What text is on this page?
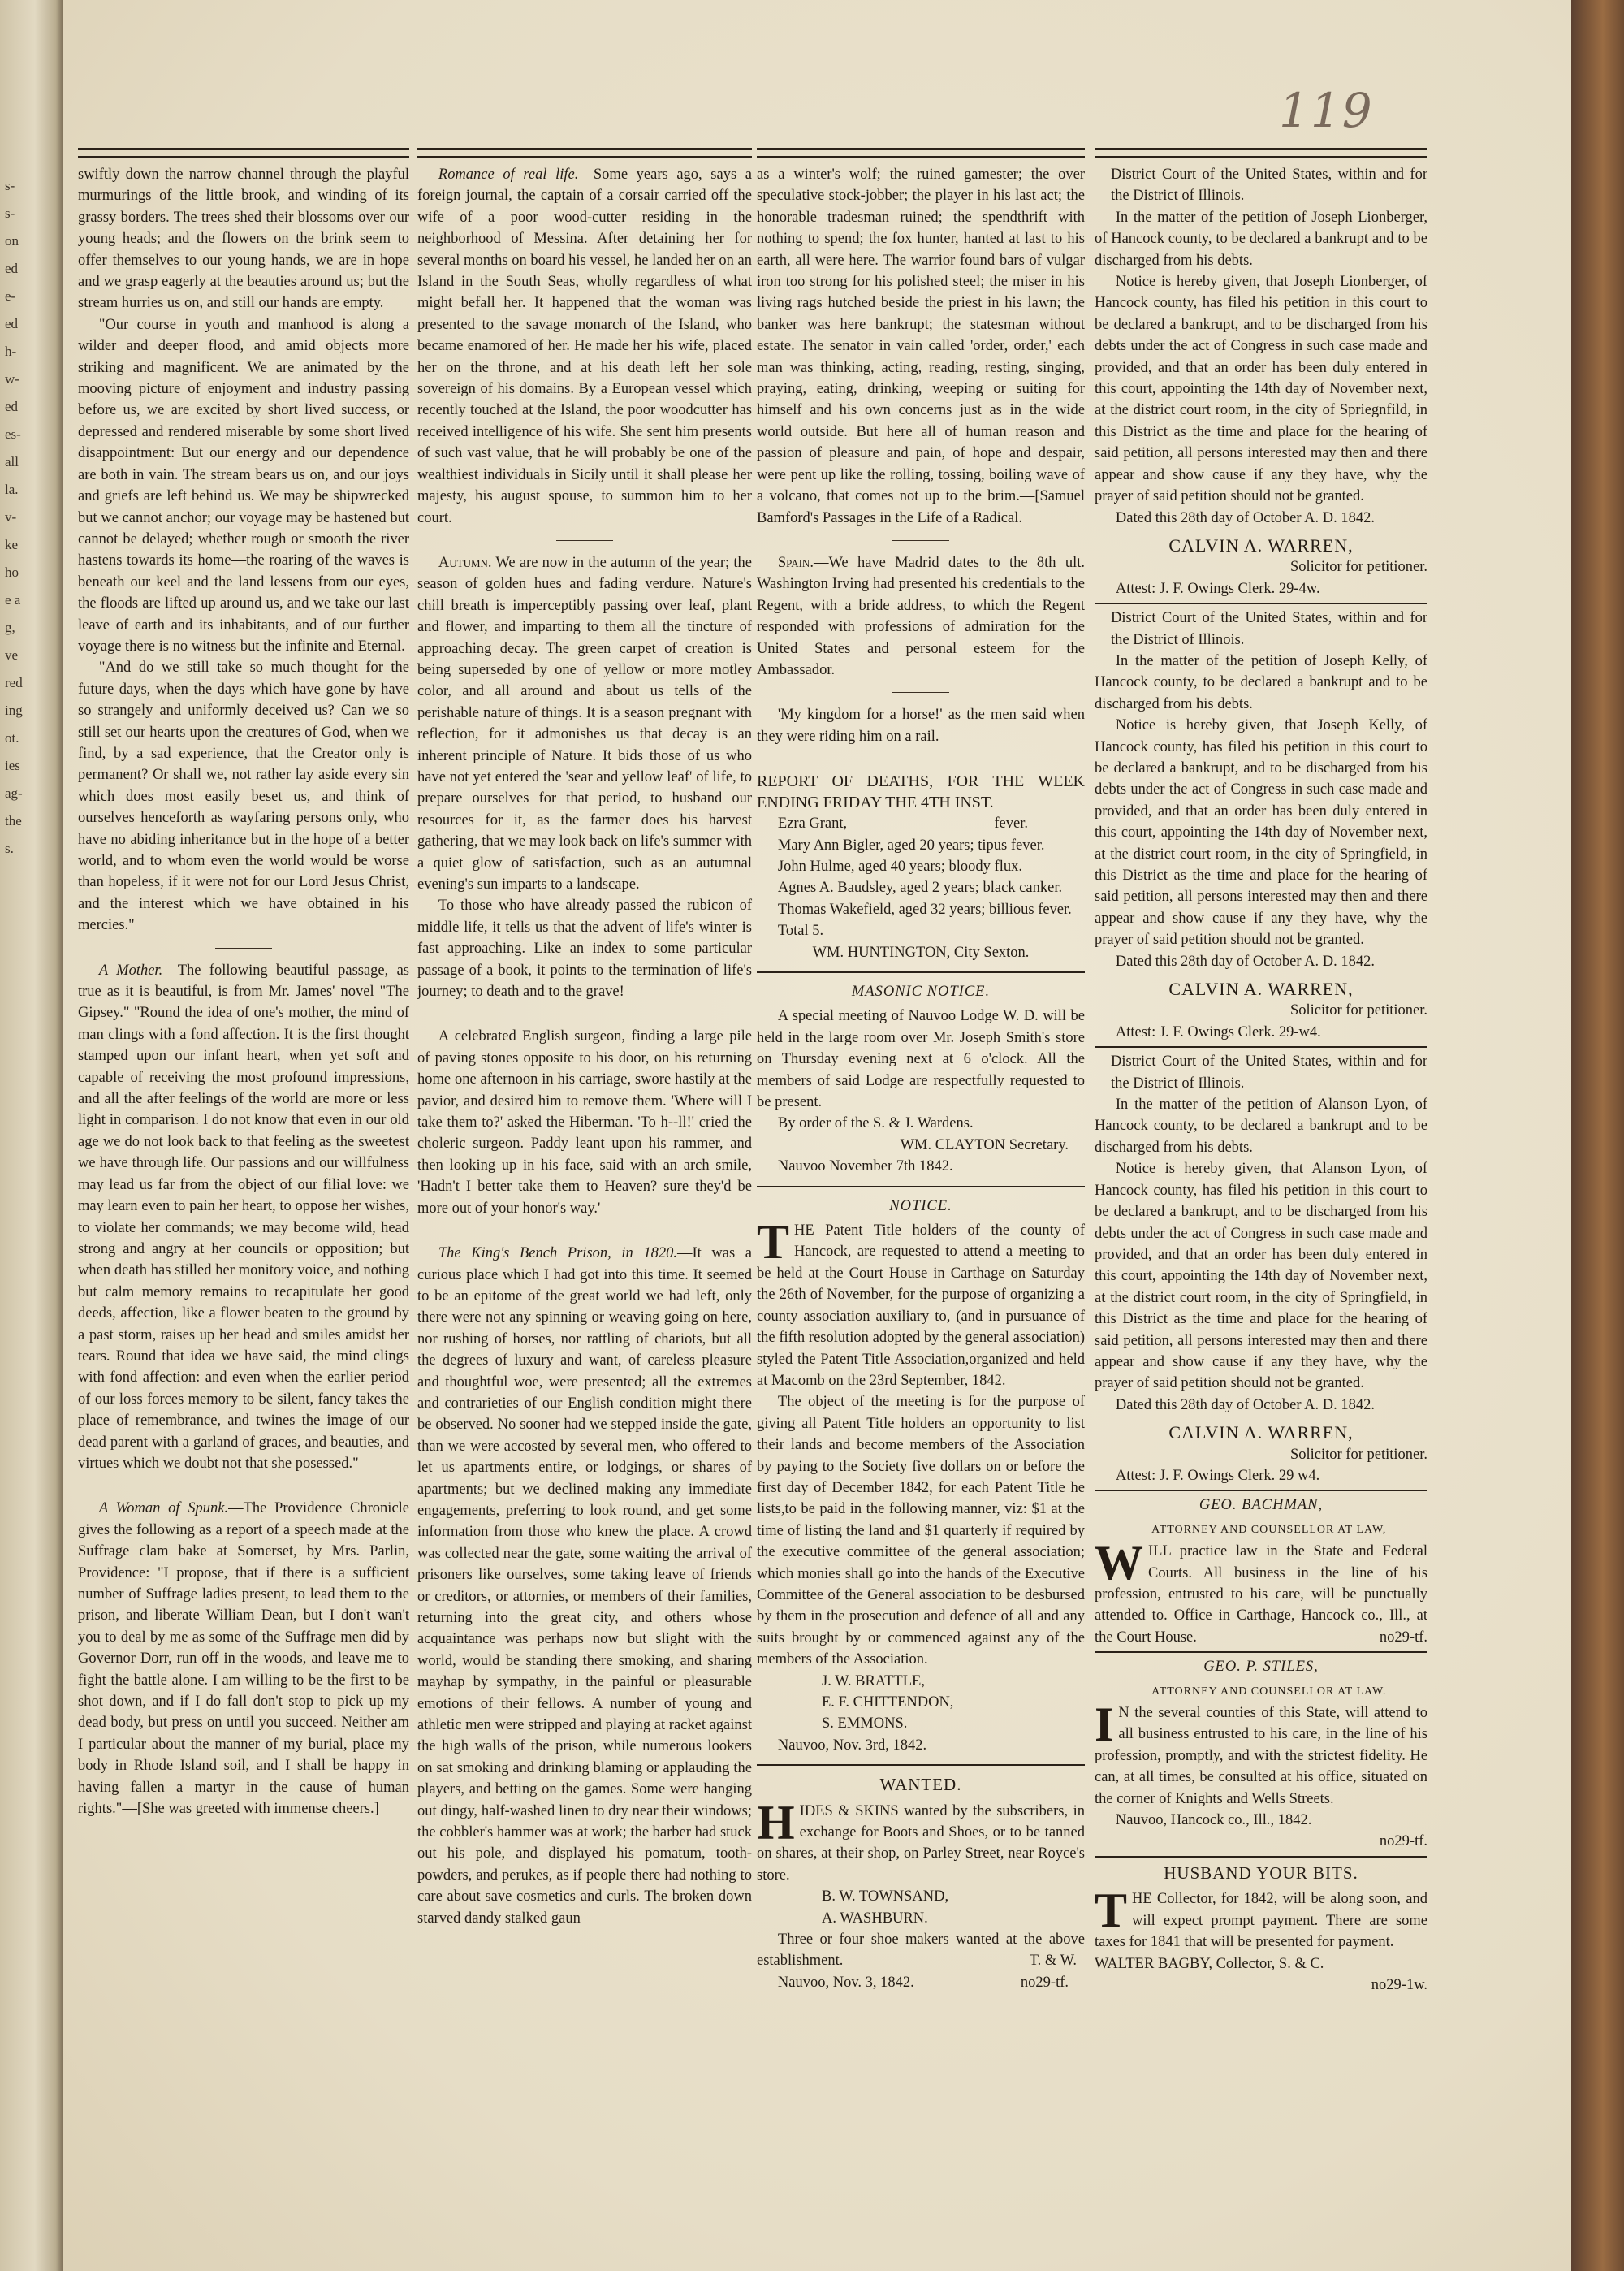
s-
s-
on
ed
e-
ed
h-
w-
ed
es-
all
la.
v-
ke
ho
e a
g,
ve
red
ing
ot.
ies
ag-
the
s.
119

swiftly down the narrow channel through the playful murmurings of the little brook, and winding of its grassy borders. The trees shed their blossoms over our young heads; and the flowers on the brink seem to offer themselves to our young hands, we are in hope and we grasp eagerly at the beauties around us; but the stream hurries us on, and still our hands are empty.

"Our course in youth and manhood is along a wilder and deeper flood, and amid objects more striking and magnificent. We are animated by the mooving picture of enjoyment and industry passing before us, we are excited by short lived success, or depressed and rendered miserable by some short lived disappointment: But our energy and our dependence are both in vain. The stream bears us on, and our joys and griefs are left behind us. We may be shipwrecked but we cannot anchor; our voyage may be hastened but cannot be delayed; whether rough or smooth the river hastens towards its home—the roaring of the waves is beneath our keel and the land lessens from our eyes, the floods are lifted up around us, and we take our last leave of earth and its inhabitants, and of our further voyage there is no witness but the infinite and Eternal.

"And do we still take so much thought for the future days, when the days which have gone by have so strangely and uniformly deceived us? Can we so still set our hearts upon the creatures of God, when we find, by a sad experience, that the Creator only is permanent? Or shall we, not rather lay aside every sin which does most easily beset us, and think of ourselves henceforth as wayfaring persons only, who have no abiding inheritance but in the hope of a better world, and to whom even the world would be worse than hopeless, if it were not for our Lord Jesus Christ, and the interest which we have obtained in his mercies."

A Mother.—The following beautiful passage, as true as it is beautiful, is from Mr. James' novel "The Gipsey." "Round the idea of one's mother, the mind of man clings with a fond affection. It is the first thought stamped upon our infant heart, when yet soft and capable of receiving the most profound impressions, and all the after feelings of the world are more or less light in comparison. I do not know that even in our old age we do not look back to that feeling as the sweetest we have through life. Our passions and our willfulness may lead us far from the object of our filial love: we may learn even to pain her heart, to oppose her wishes, to violate her commands; we may become wild, head strong and angry at her councils or opposition; but when death has stilled her monitory voice, and nothing but calm memory remains to recapitulate her good deeds, affection, like a flower beaten to the ground by a past storm, raises up her head and smiles amidst her tears. Round that idea we have said, the mind clings with fond affection: and even when the earlier period of our loss forces memory to be silent, fancy takes the place of remembrance, and twines the image of our dead parent with a garland of graces, and beauties, and virtues which we doubt not that she posessed."

A Woman of Spunk.—The Providence Chronicle gives the following as a report of a speech made at the Suffrage clam bake at Somerset, by Mrs. Parlin, Providence: "I propose, that if there is a sufficient number of Suffrage ladies present, to lead them to the prison, and liberate William Dean, but I don't wan't you to deal by me as some of the Suffrage men did by Governor Dorr, run off in the woods, and leave me to fight the battle alone. I am willing to be the first to be shot down, and if I do fall don't stop to pick up my dead body, but press on until you succeed. Neither am I particular about the manner of my burial, place my body in Rhode Island soil, and I shall be happy in having fallen a martyr in the cause of human rights."—[She was greeted with immense cheers.]

Romance of real life.—Some years ago, says a foreign journal, the captain of a corsair carried off the wife of a poor wood-cutter residing in the neighborhood of Messina. After detaining her for several months on board his vessel, he landed her on an Island in the South Seas, wholly regardless of what might befall her. It happened that the woman was presented to the savage monarch of the Island, who became enamored of her. He made her his wife, placed her on the throne, and at his death left her sole sovereign of his domains. By a European vessel which recently touched at the Island, the poor woodcutter has received intelligence of his wife. She sent him presents of such vast value, that he will probably be one of the wealthiest individuals in Sicily until it shall please her majesty, his august spouse, to summon him to her court.

Autumn. We are now in the autumn of the year; the season of golden hues and fading verdure. Nature's chill breath is imperceptibly passing over leaf, plant and flower, and imparting to them all the tincture of approaching decay. The green carpet of creation is being superseded by one of yellow or more motley color, and all around and about us tells of the perishable nature of things. It is a season pregnant with reflection, for it admonishes us that decay is an inherent principle of Nature. It bids those of us who have not yet entered the 'sear and yellow leaf' of life, to prepare ourselves for that period, to husband our resources for it, as the farmer does his harvest gathering, that we may look back on life's summer with a quiet glow of satisfaction, such as an autumnal evening's sun imparts to a landscape.

To those who have already passed the rubicon of middle life, it tells us that the advent of life's winter is fast approaching. Like an index to some particular passage of a book, it points to the termination of life's journey; to death and to the grave!

A celebrated English surgeon, finding a large pile of paving stones opposite to his door, on his returning home one afternoon in his carriage, swore hastily at the pavior, and desired him to remove them. 'Where will I take them to?' asked the Hiberman. 'To h--ll!' cried the choleric surgeon. Paddy leant upon his rammer, and then looking up in his face, said with an arch smile, 'Hadn't I better take them to Heaven? sure they'd be more out of your honor's way.'

The King's Bench Prison, in 1820.—It was a curious place which I had got into this time. It seemed to be an epitome of the great world we had left, only there were not any spinning or weaving going on here, nor rushing of horses, nor rattling of chariots, but all the degrees of luxury and want, of careless pleasure and thoughtful woe, were presented; all the extremes and contrarieties of our English condition might there be observed. No sooner had we stepped inside the gate, than we were accosted by several men, who offered to let us apartments entire, or lodgings, or shares of apartments; but we declined making any immediate engagements, preferring to look round, and get some information from those who knew the place. A crowd was collected near the gate, some waiting the arrival of prisoners like ourselves, some taking leave of friends or creditors, or attornies, or members of their families, returning into the great city, and others whose acquaintance was perhaps now but slight with the world, would be standing there smoking, and sharing mayhap by sympathy, in the painful or pleasurable emotions of their fellows. A number of young and athletic men were stripped and playing at racket against the high walls of the prison, while numerous lookers on sat smoking and drinking blaming or applauding the players, and betting on the games. Some were hanging out dingy, half-washed linen to dry near their windows; the cobbler's hammer was at work; the barber had stuck out his pole, and displayed his pomatum, tooth-powders, and perukes, as if people there had nothing to care about save cosmetics and curls. The broken down starved dandy stalked gaun

as a winter's wolf; the ruined gamester; the over speculative stock-jobber; the player in his last act; the honorable tradesman ruined; the spendthrift with nothing to spend; the fox hunter, hanted at last to his earth, all were here. The warrior found bars of vulgar iron too strong for his polished steel; the miser in his living rags hutched beside the priest in his lawn; the banker was here bankrupt; the statesman without estate. The senator in vain called 'order, order,' each man was thinking, acting, reading, resting, singing, praying, eating, drinking, weeping or suiting for himself and his own concerns just as in the wide world outside. But here all of human reason and passion of pleasure and pain, of hope and despair, were pent up like the rolling, tossing, boiling wave of a volcano, that comes not up to the brim.—[Samuel Bamford's Passages in the Life of a Radical.

Spain.—We have Madrid dates to the 8th ult. Washington Irving had presented his credentials to the Regent, with a bride address, to which the Regent responded with professions of admiration for the United States and personal esteem for the Ambassador.

'My kingdom for a horse!' as the men said when they were riding him on a rail.

REPORT OF DEATHS, FOR THE WEEK ENDING FRIDAY THE 4TH INST.

Ezra Grant,	fever.

Mary Ann Bigler, aged 20 years; tipus fever.

John Hulme, aged 40 years; bloody flux.

Agnes A. Baudsley, aged 2 years; black canker.

Thomas Wakefield, aged 32 years; billious fever.

Total 5.

WM. HUNTINGTON, City Sexton.

MASONIC NOTICE.

A special meeting of Nauvoo Lodge W. D. will be held in the large room over Mr. Joseph Smith's store on Thursday evening next at 6 o'clock. All the members of said Lodge are respectfully requested to be present.

By order of the S. & J. Wardens.

WM. CLAYTON Secretary.

Nauvoo November 7th 1842.

NOTICE.

THE Patent Title holders of the county of Hancock, are requested to attend a meeting to be held at the Court House in Carthage on Saturday the 26th of November, for the purpose of organizing a county association auxiliary to, (and in pursuance of the fifth resolution adopted by the general association) styled the Patent Title Association,organized and held at Macomb on the 23rd September, 1842.

The object of the meeting is for the purpose of giving all Patent Title holders an opportunity to list their lands and become members of the Association by paying to the Society five dollars on or before the first day of December 1842, for each Patent Title he lists,to be paid in the following manner, viz: $1 at the time of listing the land and $1 quarterly if required by the executive committee of the general association; which monies shall go into the hands of the Executive Committee of the General association to be desbursed by them in the prosecution and defence of all and any suits brought by or commenced against any of the members of the Association.

J. W. BRATTLE,

E. F. CHITTENDON,

S. EMMONS.

Nauvoo, Nov. 3rd, 1842.

WANTED.

HIDES & SKINS wanted by the subscribers, in exchange for Boots and Shoes, or to be tanned on shares, at their shop, on Parley Street, near Royce's store.

B. W. TOWNSAND,

A. WASHBURN.

Three or four shoe makers wanted at the above establishment.	T. & W.

Nauvoo, Nov. 3, 1842.	no29-tf.

District Court of the United States, within and for the District of Illinois.

In the matter of the petition of Joseph Lionberger, of Hancock county, to be declared a bankrupt and to be discharged from his debts.

Notice is hereby given, that Joseph Lionberger, of Hancock county, has filed his petition in this court to be declared a bankrupt, and to be discharged from his debts under the act of Congress in such case made and provided, and that an order has been duly entered in this court, appointing the 14th day of November next, at the district court room, in the city of Spriegnfild, in this District as the time and place for the hearing of said petition, all persons interested may then and there appear and show cause if any they have, why the prayer of said petition should not be granted.

Dated this 28th day of October A. D. 1842.

CALVIN A. WARREN,

Solicitor for petitioner.

Attest: J. F. Owings Clerk. 29-4w.

District Court of the United States, within and for the District of Illinois.

In the matter of the petition of Joseph Kelly, of Hancock county, to be declared a bankrupt and to be discharged from his debts.

Notice is hereby given, that Joseph Kelly, of Hancock county, has filed his petition in this court to be declared a bankrupt, and to be discharged from his debts under the act of Congress in such case made and provided, and that an order has been duly entered in this court, appointing the 14th day of November next, at the district court room, in the city of Springfield, in this District as the time and place for the hearing of said petition, all persons interested may then and there appear and show cause if any they have, why the prayer of said petition should not be granted.

Dated this 28th day of October A. D. 1842.

CALVIN A. WARREN,

Solicitor for petitioner.

Attest: J. F. Owings Clerk. 29-w4.

District Court of the United States, within and for the District of Illinois.

In the matter of the petition of Alanson Lyon, of Hancock county, to be declared a bankrupt and to be discharged from his debts.

Notice is hereby given, that Alanson Lyon, of Hancock county, has filed his petition in this court to be declared a bankrupt, and to be discharged from his debts under the act of Congress in such case made and provided, and that an order has been duly entered in this court, appointing the 14th day of November next, at the district court room, in the city of Springfield, in this District as the time and place for the hearing of said petition, all persons interested may then and there appear and show cause if any they have, why the prayer of said petition should not be granted.

Dated this 28th day of October A. D. 1842.

CALVIN A. WARREN,

Solicitor for petitioner.

Attest: J. F. Owings Clerk. 29 w4.

GEO. BACHMAN,

ATTORNEY AND COUNSELLOR AT LAW,

WILL practice law in the State and Federal Courts. All business in the line of his profession, entrusted to his care, will be punctually attended to. Office in Carthage, Hancock co., Ill., at the Court House.	no29-tf.

GEO. P. STILES,

ATTORNEY AND COUNSELLOR AT LAW.

I N the several counties of this State, will attend to all business entrusted to his care, in the line of his profession, promptly, and with the strictest fidelity. He can, at all times, be consulted at his office, situated on the corner of Knights and Wells Streets.

Nauvoo, Hancock co., Ill., 1842.

no29-tf.

HUSBAND YOUR BITS.

THE Collector, for 1842, will be along soon, and will expect prompt payment. There are some taxes for 1841 that will be presented for payment.

WALTER BAGBY, Collector, S. & C.

no29-1w.
